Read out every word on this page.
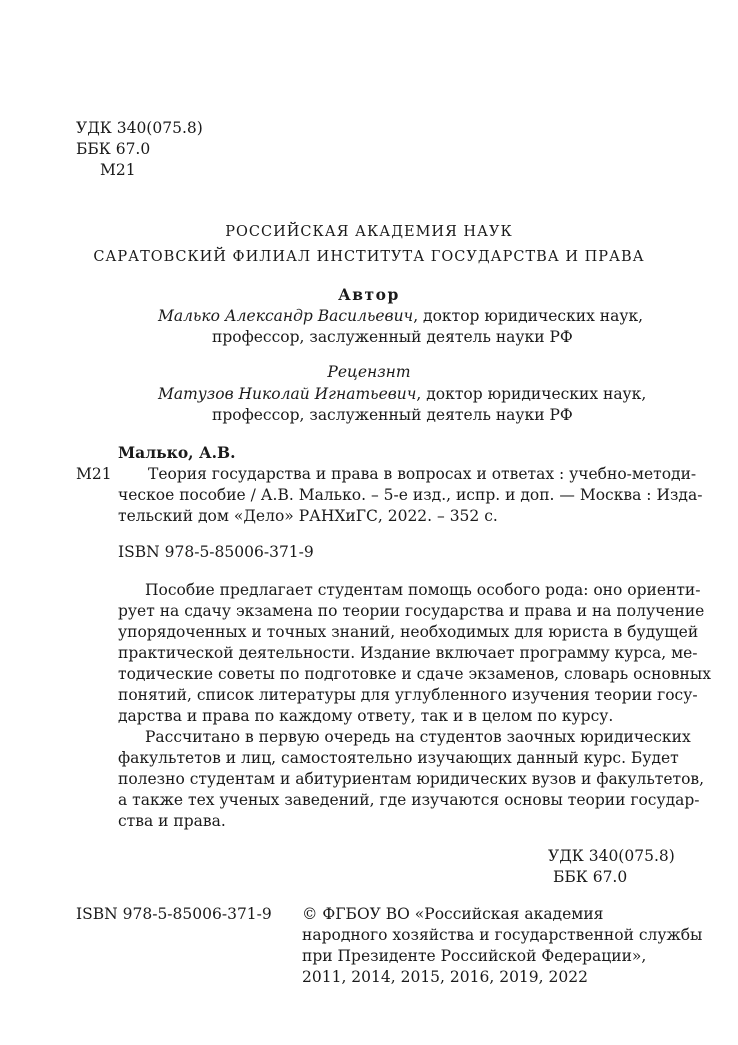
УДК 340(075.8)
ББК 67.0
М21
РОССИЙСКАЯ АКАДЕМИЯ НАУК
САРАТОВСКИЙ ФИЛИАЛ ИНСТИТУТА ГОСУДАРСТВА И ПРАВА
Автор
Малько Александр Васильевич, доктор юридических наук,
профессор, заслуженный деятель науки РФ
Рецензнт
Матузов Николай Игнатьевич, доктор юридических наук,
профессор, заслуженный деятель науки РФ
Малько, А.В.
М21 Теория государства и права в вопросах и ответах : учебно-методи-
ческое пособие / А.В. Малько. – 5-е изд., испр. и доп. — Москва : Изда-
тельский дом «Дело» РАНХиГС, 2022. – 352 с.
ISBN 978-5-85006-371-9
Пособие предлагает студентам помощь особого рода: оно ориенти-
рует на сдачу экзамена по теории государства и права и на получение
упорядоченных и точных знаний, необходимых для юриста в будущей
практической деятельности. Издание включает программу курса, ме-
тодические советы по подготовке и сдаче экзаменов, словарь основных
понятий, список литературы для углубленного изучения теории госу-
дарства и права по каждому ответу, так и в целом по курсу.
Рассчитано в первую очередь на студентов заочных юридических
факультетов и лиц, самостоятельно изучающих данный курс. Будет
полезно студентам и абитуриентам юридических вузов и факультетов,
а также тех ученых заведений, где изучаются основы теории государ-
ства и права.
УДК 340(075.8)
ББК 67.0
ISBN 978-5-85006-371-9 © ФГБОУ ВО «Российская академия
народного хозяйства и государственной службы
при Президенте Российской Федерации»,
2011, 2014, 2015, 2016, 2019, 2022
